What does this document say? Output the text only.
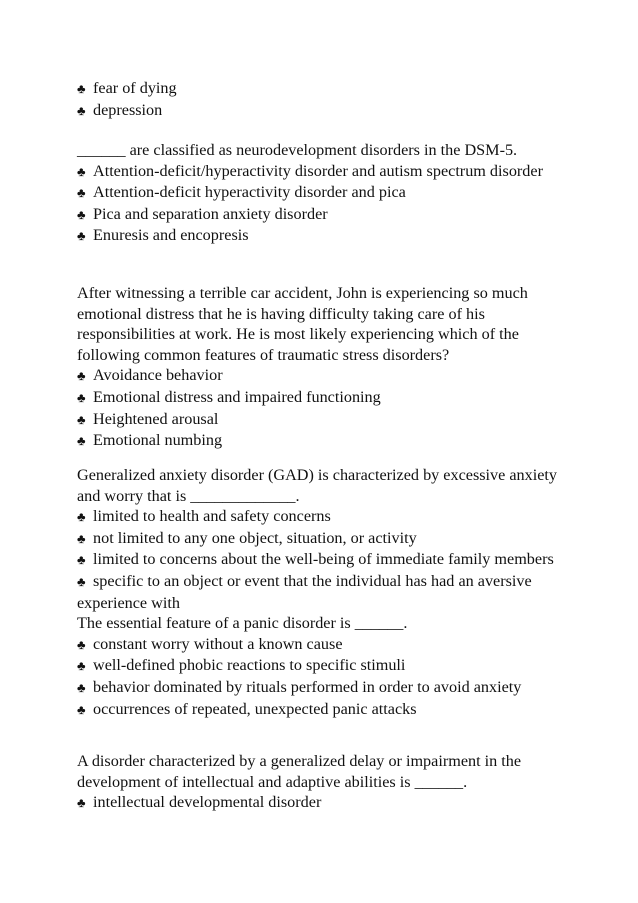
♣ fear of dying
♣ depression
______ are classified as neurodevelopment disorders in the DSM-5.
♣ Attention-deficit/hyperactivity disorder and autism spectrum disorder
♣ Attention-deficit hyperactivity disorder and pica
♣ Pica and separation anxiety disorder
♣ Enuresis and encopresis
After witnessing a terrible car accident, John is experiencing so much emotional distress that he is having difficulty taking care of his responsibilities at work. He is most likely experiencing which of the following common features of traumatic stress disorders?
♣ Avoidance behavior
♣ Emotional distress and impaired functioning
♣ Heightened arousal
♣ Emotional numbing
Generalized anxiety disorder (GAD) is characterized by excessive anxiety and worry that is _____________.
♣ limited to health and safety concerns
♣ not limited to any one object, situation, or activity
♣ limited to concerns about the well-being of immediate family members
♣ specific to an object or event that the individual has had an aversive experience with
The essential feature of a panic disorder is ______.
♣ constant worry without a known cause
♣ well-defined phobic reactions to specific stimuli
♣ behavior dominated by rituals performed in order to avoid anxiety
♣ occurrences of repeated, unexpected panic attacks
A disorder characterized by a generalized delay or impairment in the development of intellectual and adaptive abilities is ______.
♣ intellectual developmental disorder
